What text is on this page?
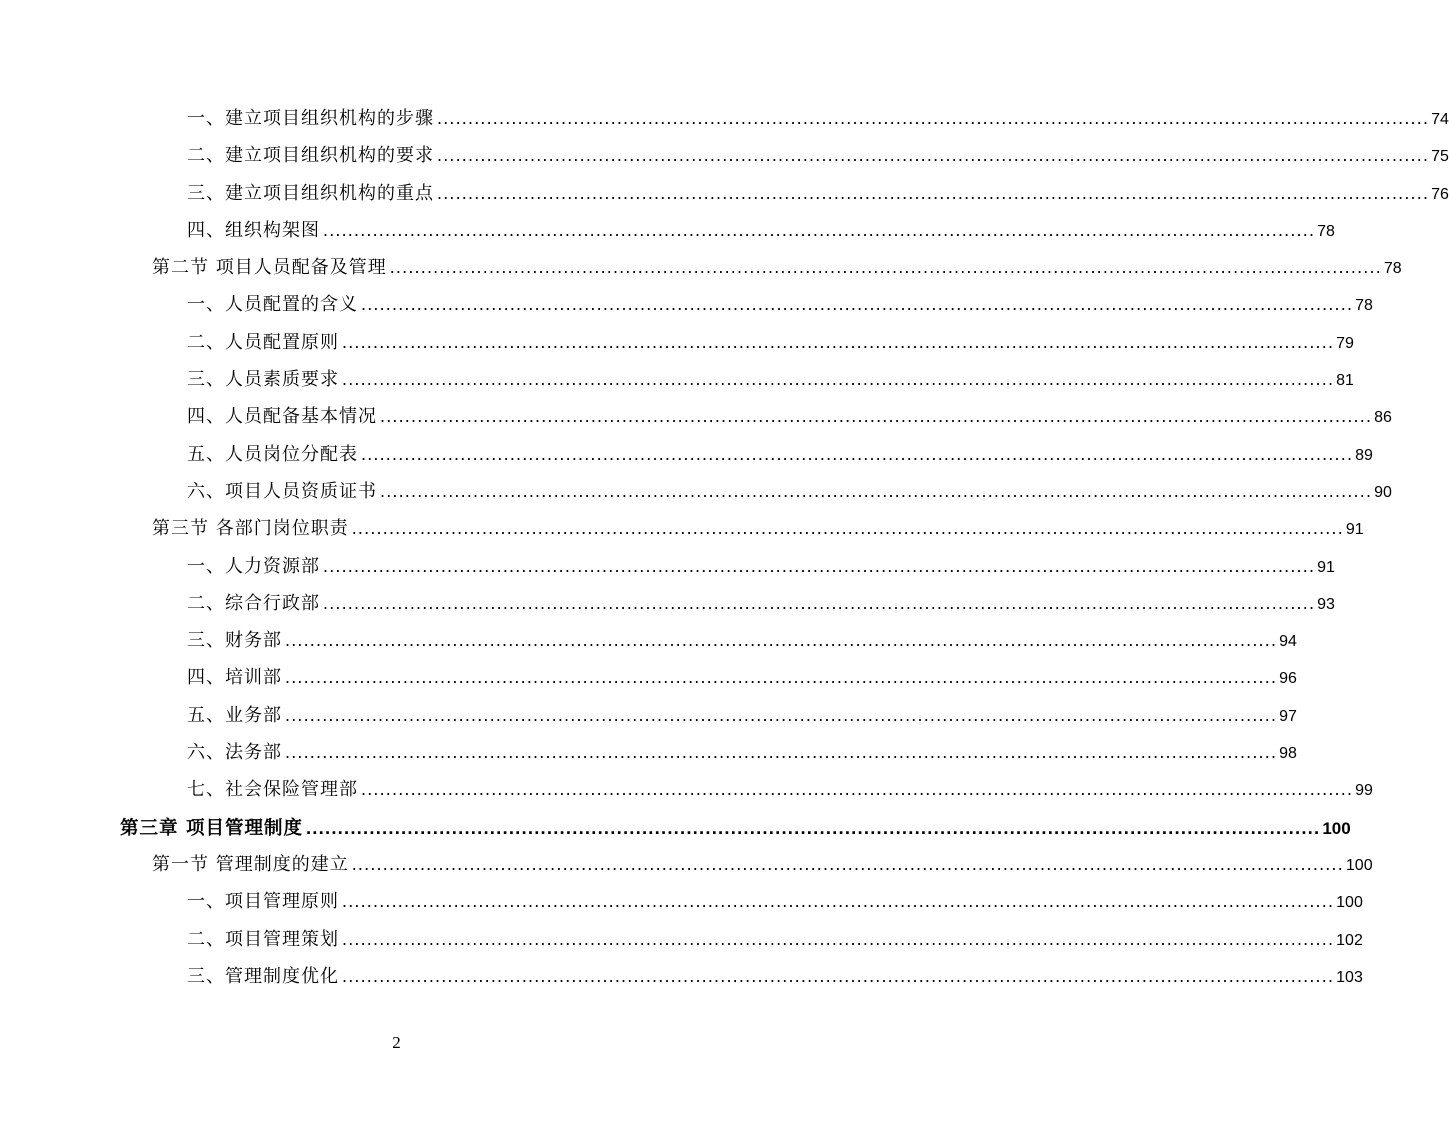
一、建立项目组织机构的步骤 ................................................................................................................................................................ 74
二、建立项目组织机构的要求 ................................................................................................................................................................ 75
三、建立项目组织机构的重点 ................................................................................................................................................................ 76
四、组织构架图 ................................................................................................................................................................ 78
第二节 项目人员配备及管理 ................................................................................................................................................................ 78
一、人员配置的含义 ................................................................................................................................................................ 78
二、人员配置原则 ................................................................................................................................................................ 79
三、人员素质要求 ................................................................................................................................................................ 81
四、人员配备基本情况 ................................................................................................................................................................ 86
五、人员岗位分配表 ................................................................................................................................................................ 89
六、项目人员资质证书 ................................................................................................................................................................ 90
第三节 各部门岗位职责 ................................................................................................................................................................ 91
一、人力资源部 ................................................................................................................................................................ 91
二、综合行政部 ................................................................................................................................................................ 93
三、财务部 ................................................................................................................................................................ 94
四、培训部 ................................................................................................................................................................ 96
五、业务部 ................................................................................................................................................................ 97
六、法务部 ................................................................................................................................................................ 98
七、社会保险管理部 ................................................................................................................................................................ 99
第三章 项目管理制度 ................................................................................................................................................................ 100
第一节 管理制度的建立 ................................................................................................................................................................ 100
一、项目管理原则 ................................................................................................................................................................ 100
二、项目管理策划 ................................................................................................................................................................ 102
三、管理制度优化 ................................................................................................................................................................ 103
2
